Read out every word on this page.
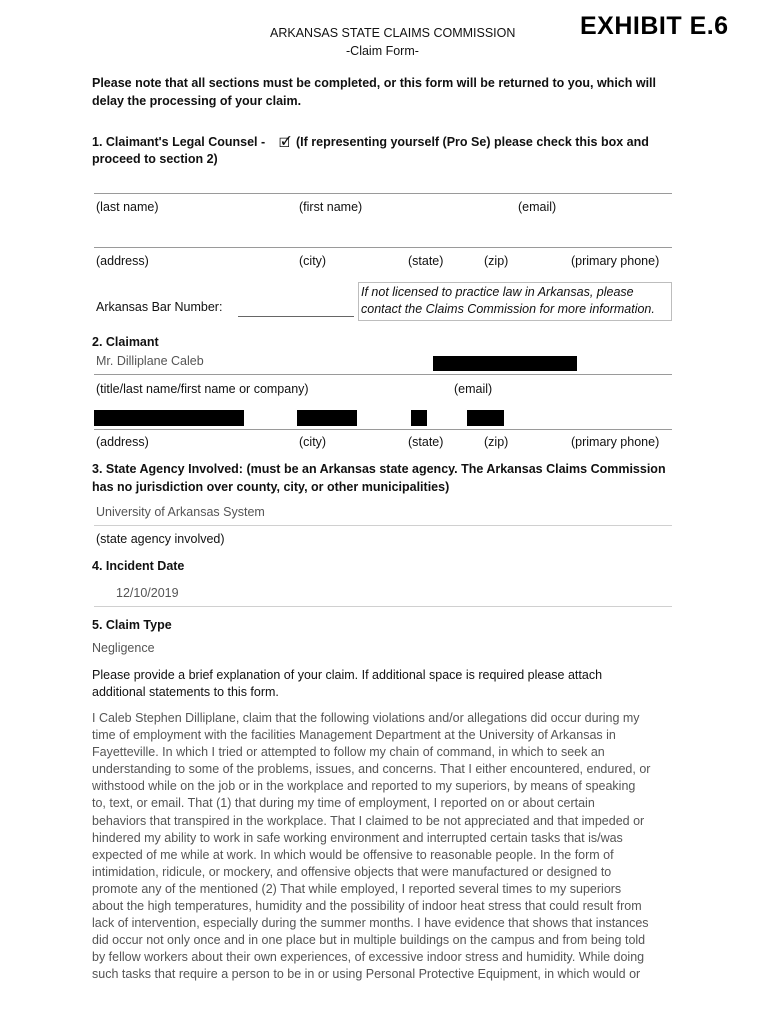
ARKANSAS STATE CLAIMS COMMISSION
-Claim Form-
EXHIBIT E.6
Please note that all sections must be completed, or this form will be returned to you, which will
delay the processing of your claim.
1. Claimant's Legal Counsel -
proceed to section 2)
🗹 (If representing yourself (Pro Se) please check this box and
(last name)	(first name)	(email)
(address)	(city)	(state)	(zip)	(primary phone)
Arkansas Bar Number:
If not licensed to practice law in Arkansas, please
contact the Claims Commission for more information.
2. Claimant
Mr. Dilliplane Caleb
(title/last name/first name or company)	(email)
(address)	(city)	(state)	(zip)	(primary phone)
3. State Agency Involved: (must be an Arkansas state agency. The Arkansas Claims Commission
has no jurisdiction over county, city, or other municipalities)
University of Arkansas System
(state agency involved)
4. Incident Date
12/10/2019
5. Claim Type
Negligence
Please provide a brief explanation of your claim. If additional space is required please attach
additional statements to this form.
I Caleb Stephen Dilliplane, claim that the following violations and/or allegations did occur during my
time of employment with the facilities Management Department at the University of Arkansas in
Fayetteville. In which I tried or attempted to follow my chain of command, in which to seek an
understanding to some of the problems, issues, and concerns. That I either encountered, endured, or
withstood while on the job or in the workplace and reported to my superiors, by means of speaking
to, text, or email. That (1) that during my time of employment, I reported on or about certain
behaviors that transpired in the workplace. That I claimed to be not appreciated and that impeded or
hindered my ability to work in safe working environment and interrupted certain tasks that is/was
expected of me while at work. In which would be offensive to reasonable people. In the form of
intimidation, ridicule, or mockery, and offensive objects that were manufactured or designed to
promote any of the mentioned (2) That while employed, I reported several times to my superiors
about the high temperatures, humidity and the possibility of indoor heat stress that could result from
lack of intervention, especially during the summer months. I have evidence that shows that instances
did occur not only once and in one place but in multiple buildings on the campus and from being told
by fellow workers about their own experiences, of excessive indoor stress and humidity. While doing
such tasks that require a person to be in or using Personal Protective Equipment, in which would or
